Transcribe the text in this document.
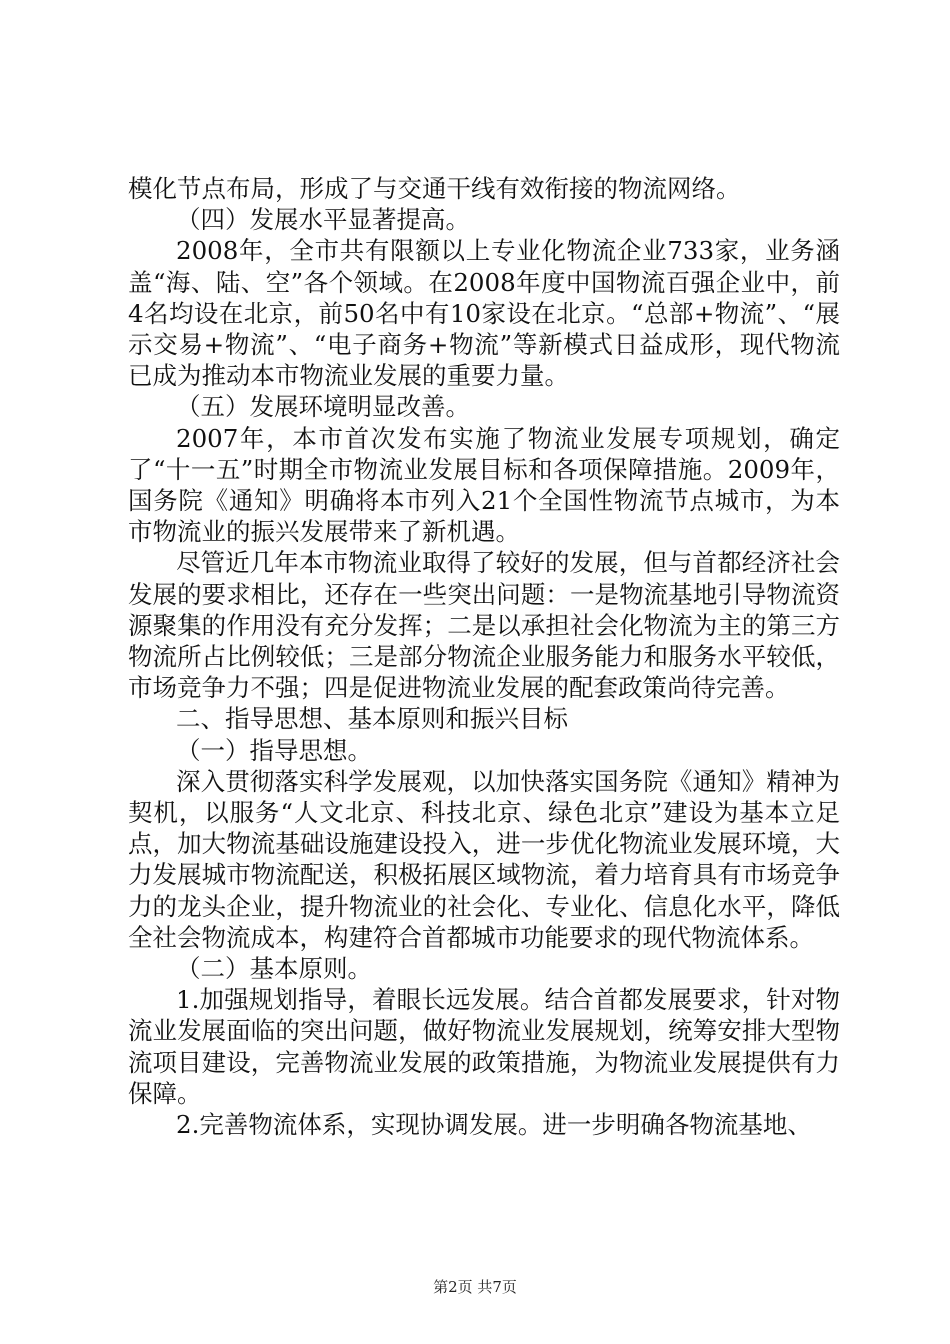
模化节点布局，形成了与交通干线有效衔接的物流网络。

（四）发展水平显著提高。

2008年，全市共有限额以上专业化物流企业733家，业务涵盖“海、陆、空”各个领域。在2008年度中国物流百强企业中，前4名均设在北京，前50名中有10家设在北京。“总部+物流”、“展示交易+物流”、“电子商务+物流”等新模式日益成形，现代物流已成为推动本市物流业发展的重要力量。

（五）发展环境明显改善。

2007年，本市首次发布实施了物流业发展专项规划，确定了“十一五”时期全市物流业发展目标和各项保障措施。2009年，国务院《通知》明确将本市列入21个全国性物流节点城市，为本市物流业的振兴发展带来了新机遇。

尽管近几年本市物流业取得了较好的发展，但与首都经济社会发展的要求相比，还存在一些突出问题：一是物流基地引导物流资源聚集的作用没有充分发挥；二是以承担社会化物流为主的第三方物流所占比例较低；三是部分物流企业服务能力和服务水平较低，市场竞争力不强；四是促进物流业发展的配套政策尚待完善。

二、指导思想、基本原则和振兴目标

（一）指导思想。

深入贯彻落实科学发展观，以加快落实国务院《通知》精神为契机，以服务“人文北京、科技北京、绿色北京”建设为基本立足点，加大物流基础设施建设投入，进一步优化物流业发展环境，大力发展城市物流配送，积极拓展区域物流，着力培育具有市场竞争力的龙头企业，提升物流业的社会化、专业化、信息化水平，降低全社会物流成本，构建符合首都城市功能要求的现代物流体系。

（二）基本原则。

1.加强规划指导，着眼长远发展。结合首都发展要求，针对物流业发展面临的突出问题，做好物流业发展规划，统筹安排大型物流项目建设，完善物流业发展的政策措施，为物流业发展提供有力保障。

2.完善物流体系，实现协调发展。进一步明确各物流基地、

第2页 共7页
